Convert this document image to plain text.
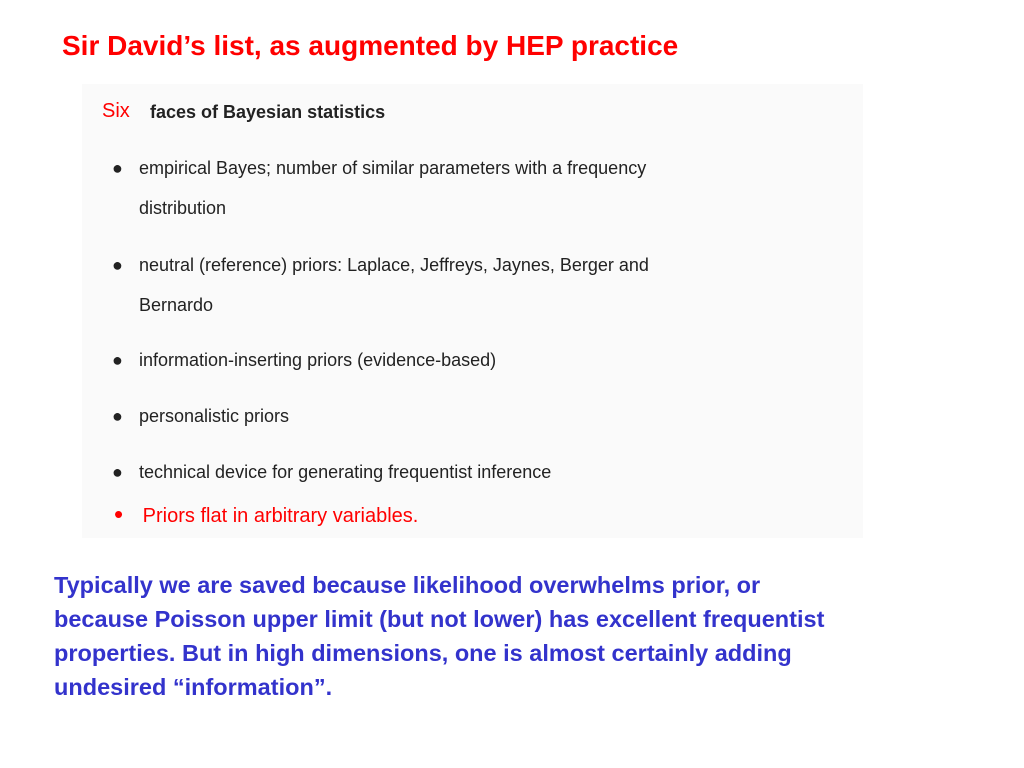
Sir David’s list, as augmented by HEP practice
Six faces of Bayesian statistics
● empirical Bayes; number of similar parameters with a frequency
distribution
● neutral (reference) priors: Laplace, Jeffreys, Jaynes, Berger and
Bernardo
● information-inserting priors (evidence-based)
● personalistic priors
● technical device for generating frequentist inference
• Priors flat in arbitrary variables.
Typically we are saved because likelihood overwhelms prior, or
because Poisson upper limit (but not lower) has excellent frequentist
properties. But in high dimensions, one is almost certainly adding
undesired “information”.
